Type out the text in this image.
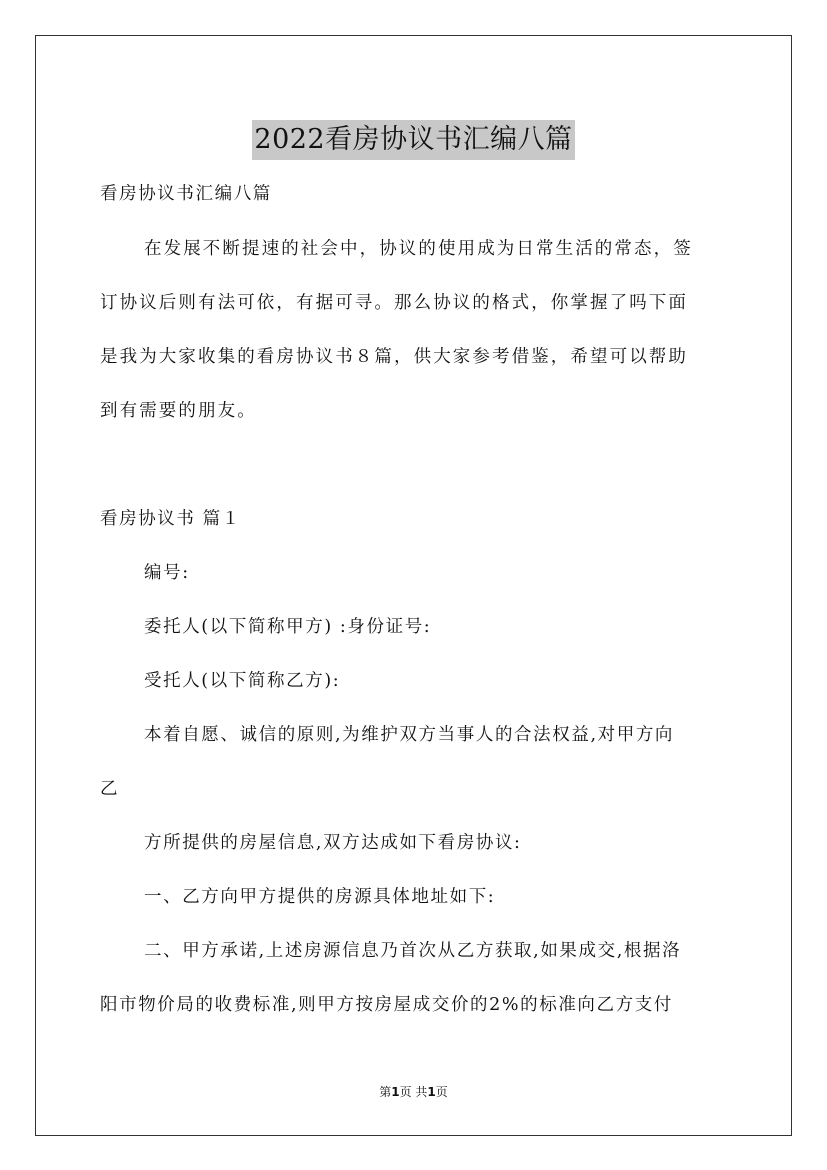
2022看房协议书汇编八篇
看房协议书汇编八篇
在发展不断提速的社会中，协议的使用成为日常生活的常态，签
订协议后则有法可依，有据可寻。那么协议的格式，你掌握了吗下面
是我为大家收集的看房协议书８篇，供大家参考借鉴，希望可以帮助
到有需要的朋友。
看房协议书 篇１
编号:
委托人(以下简称甲方) :身份证号:
受托人(以下简称乙方):
本着自愿、诚信的原则,为维护双方当事人的合法权益,对甲方向
乙
方所提供的房屋信息,双方达成如下看房协议:
一、乙方向甲方提供的房源具体地址如下:
二、甲方承诺,上述房源信息乃首次从乙方获取,如果成交,根据洛
阳市物价局的收费标准,则甲方按房屋成交价的2%的标准向乙方支付
第1页 共1页
